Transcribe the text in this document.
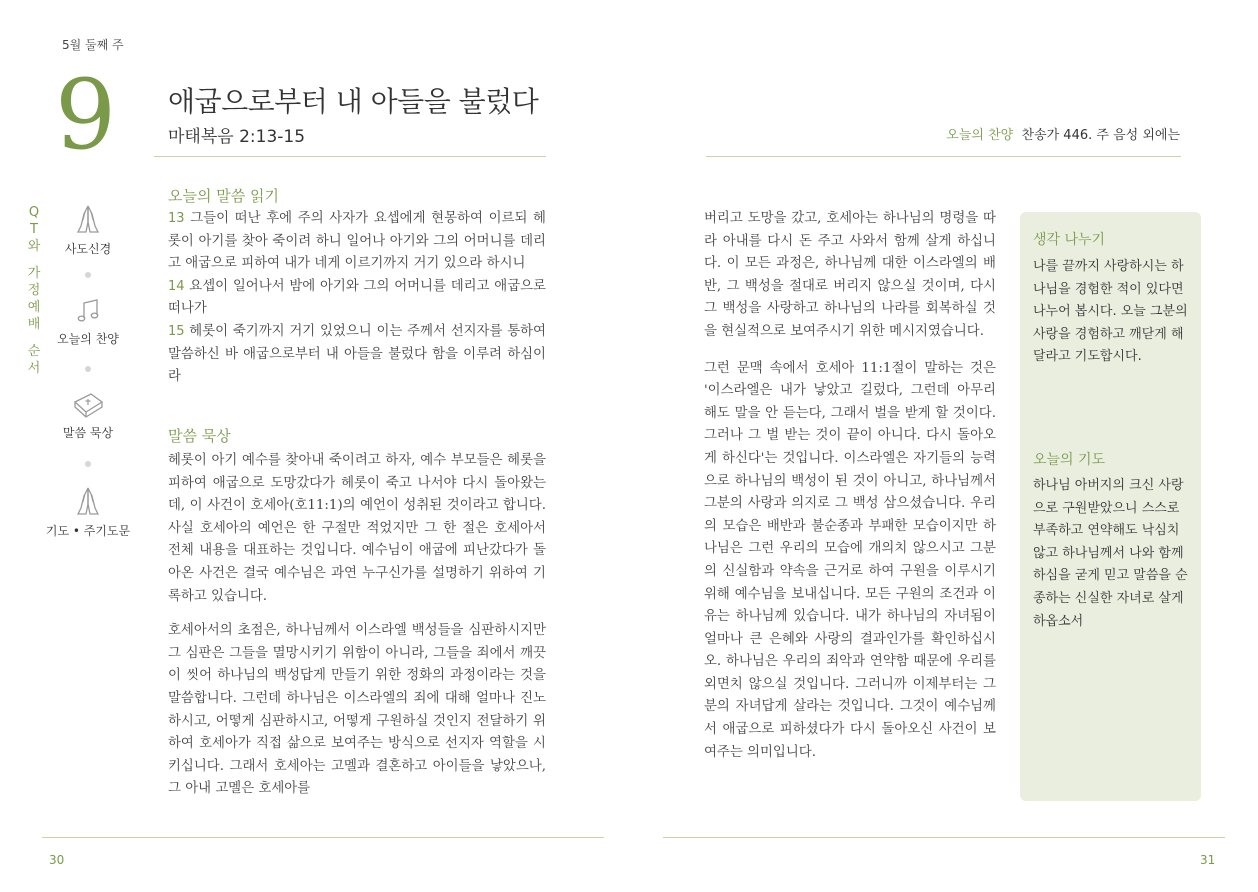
5월 둘째 주
9 애굽으로부터 내 아들을 불렀다
마태복음 2:13-15
Q
T
와
가
정
예
배
순
서
사도신경
오늘의 찬양
말씀 묵상
기도 • 주기도문
오늘의 말씀 읽기

13 그들이 떠난 후에 주의 사자가 요셉에게 현몽하여 이르되 헤롯이 아기를 찾아 죽이려 하니 일어나 아기와 그의 어머니를 데리고 애굽으로 피하여 내가 네게 이르기까지 거기 있으라 하시니

14 요셉이 일어나서 밤에 아기와 그의 어머니를 데리고 애굽으로 떠나가

15 헤롯이 죽기까지 거기 있었으니 이는 주께서 선지자를 통하여 말씀하신 바 애굽으로부터 내 아들을 불렀다 함을 이루려 하심이라

말씀 묵상

헤롯이 아기 예수를 찾아내 죽이려고 하자, 예수 부모들은 헤롯을 피하여 애굽으로 도망갔다가 헤롯이 죽고 나서야 다시 돌아왔는데, 이 사건이 호세아(호11:1)의 예언이 성취된 것이라고 합니다. 사실 호세아의 예언은 한 구절만 적었지만 그 한 절은 호세아서 전체 내용을 대표하는 것입니다. 예수님이 애굽에 피난갔다가 돌아온 사건은 결국 예수님은 과연 누구신가를 설명하기 위하여 기록하고 있습니다.

호세아서의 초점은, 하나님께서 이스라엘 백성들을 심판하시지만 그 심판은 그들을 멸망시키기 위함이 아니라, 그들을 죄에서 깨끗이 씻어 하나님의 백성답게 만들기 위한 정화의 과정이라는 것을 말씀합니다. 그런데 하나님은 이스라엘의 죄에 대해 얼마나 진노하시고, 어떻게 심판하시고, 어떻게 구원하실 것인지 전달하기 위하여 호세아가 직접 삶으로 보여주는 방식으로 선지자 역할을 시키십니다. 그래서 호세아는 고멜과 결혼하고 아이들을 낳았으나, 그 아내 고멜은 호세아를

30
오늘의 찬양 찬송가 446. 주 음성 외에는

버리고 도망을 갔고, 호세아는 하나님의 명령을 따라 아내를 다시 돈 주고 사와서 함께 살게 하십니다. 이 모든 과정은, 하나님께 대한 이스라엘의 배반, 그 백성을 절대로 버리지 않으실 것이며, 다시 그 백성을 사랑하고 하나님의 나라를 회복하실 것을 현실적으로 보여주시기 위한 메시지였습니다.

그런 문맥 속에서 호세아 11:1절이 말하는 것은 '이스라엘은 내가 낳았고 길렀다, 그런데 아무리 해도 말을 안 듣는다, 그래서 벌을 받게 할 것이다. 그러나 그 벌 받는 것이 끝이 아니다. 다시 돌아오게 하신다'는 것입니다. 이스라엘은 자기들의 능력으로 하나님의 백성이 된 것이 아니고, 하나님께서 그분의 사랑과 의지로 그 백성 삼으셨습니다. 우리의 모습은 배반과 불순종과 부패한 모습이지만 하나님은 그런 우리의 모습에 개의치 않으시고 그분의 신실함과 약속을 근거로 하여 구원을 이루시기 위해 예수님을 보내십니다. 모든 구원의 조건과 이유는 하나님께 있습니다. 내가 하나님의 자녀됨이 얼마나 큰 은혜와 사랑의 결과인가를 확인하십시오. 하나님은 우리의 죄악과 연약함 때문에 우리를 외면치 않으실 것입니다. 그러니까 이제부터는 그분의 자녀답게 살라는 것입니다. 그것이 예수님께서 애굽으로 피하셨다가 다시 돌아오신 사건이 보여주는 의미입니다.

생각 나누기
나를 끝까지 사랑하시는 하나님을 경험한 적이 있다면 나누어 봅시다. 오늘 그분의 사랑을 경험하고 깨닫게 해 달라고 기도합시다.
오늘의 기도
하나님 아버지의 크신 사랑으로 구원받았으니 스스로 부족하고 연약해도 낙심치 않고 하나님께서 나와 함께 하심을 굳게 믿고 말씀을 순종하는 신실한 자녀로 살게 하옵소서
31
